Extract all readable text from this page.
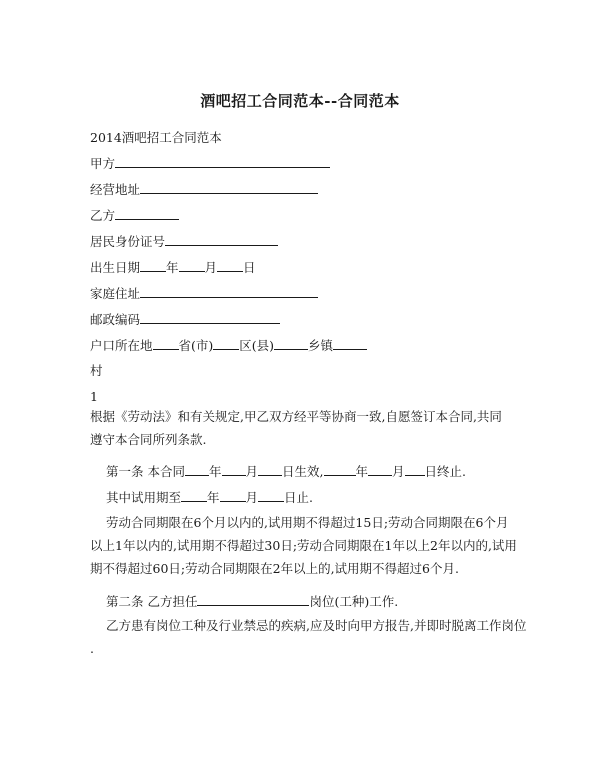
酒吧招工合同范本--合同范本
2014酒吧招工合同范本
甲方
经营地址
乙方
居民身份证号
出生日期 年 月 日
家庭住址
邮政编码
户口所在地 省(市) 区(县)	乡镇
村
1
根据《劳动法》和有关规定,甲乙双方经平等协商一致,自愿签订本合同,共同
遵守本合同所列条款.
第一条 本合同 年 月 日生效,	年 月 日终止.
其中试用期至 年 月 日止.
劳动合同期限在6个月以内的,试用期不得超过15日;劳动合同期限在6个月
以上1年以内的,试用期不得超过30日;劳动合同期限在1年以上2年以内的,试用
期不得超过60日;劳动合同期限在2年以上的,试用期不得超过6个月.
第二条 乙方担任	岗位(工种)工作.
乙方患有岗位工种及行业禁忌的疾病,应及时向甲方报告,并即时脱离工作岗位
.
